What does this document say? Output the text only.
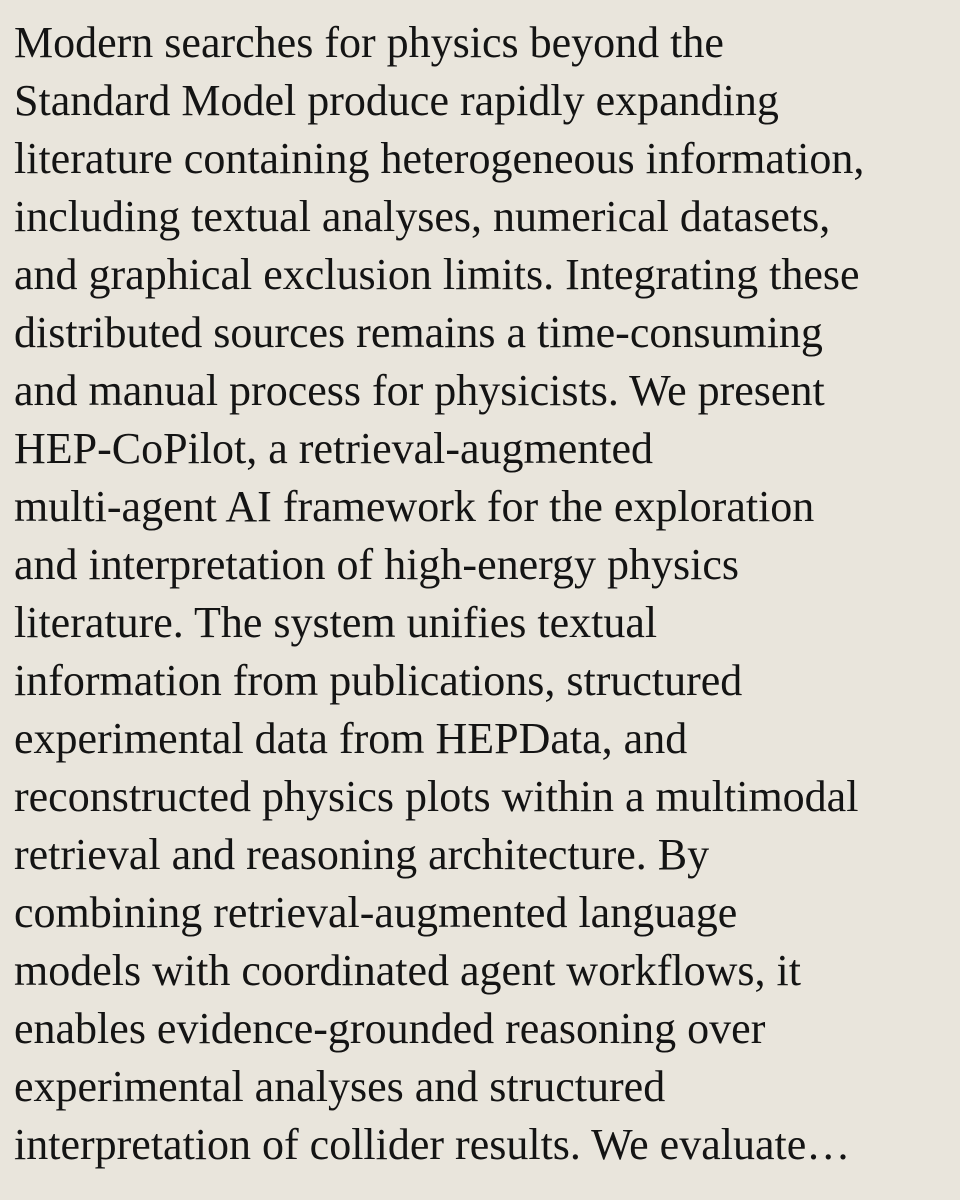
Modern searches for physics beyond the
Standard Model produce rapidly expanding
literature containing heterogeneous information,
including textual analyses, numerical datasets,
and graphical exclusion limits. Integrating these
distributed sources remains a time-consuming
and manual process for physicists. We present
HEP-CoPilot, a retrieval-augmented
multi-agent AI framework for the exploration
and interpretation of high-energy physics
literature. The system unifies textual
information from publications, structured
experimental data from HEPData, and
reconstructed physics plots within a multimodal
retrieval and reasoning architecture. By
combining retrieval-augmented language
models with coordinated agent workflows, it
enables evidence-grounded reasoning over
experimental analyses and structured
interpretation of collider results. We evaluate…
